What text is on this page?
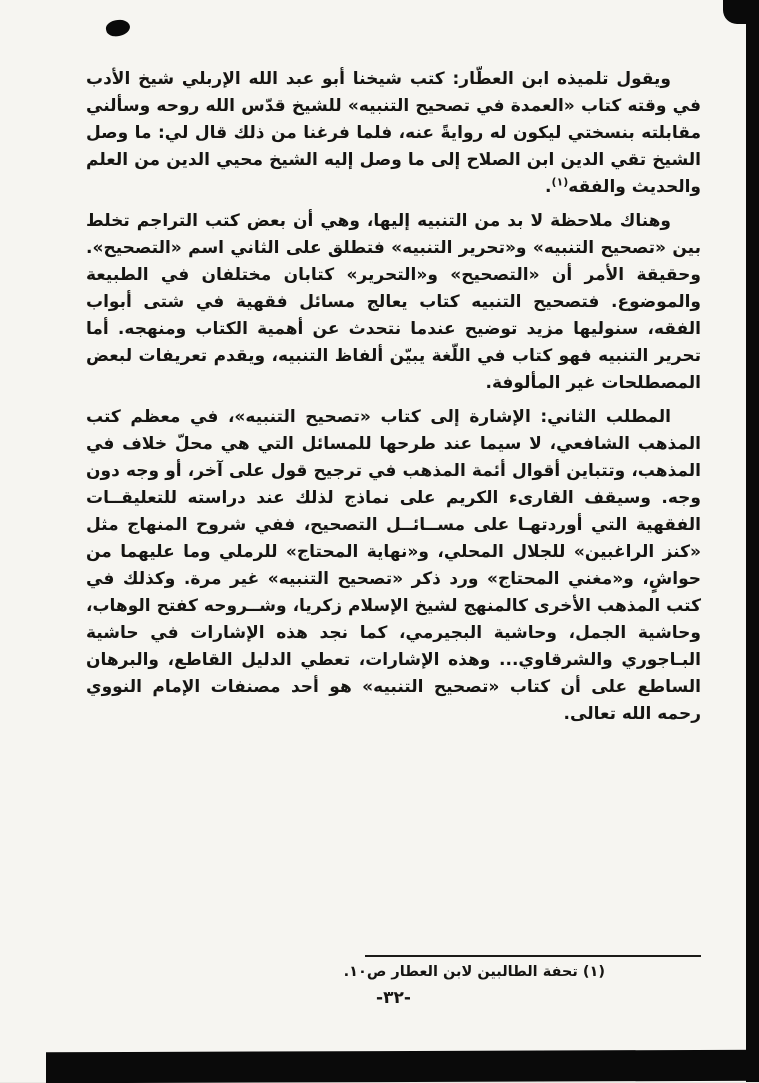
ويقول تلميذه ابن العطّار: كتب شيخنا أبو عبد الله الإربلي شيخ الأدب في وقته كتاب «العمدة في تصحيح التنبيه» للشيخ قدّس الله روحه وسألني مقابلته بنسختي ليكون له روايةً عنه، فلما فرغنا من ذلك قال لي: ما وصل الشيخ تقي الدين ابن الصلاح إلى ما وصل إليه الشيخ محيي الدين من العلم والحديث والفقه$^{(١)}$.

وهناك ملاحظة لا بد من التنبيه إليها، وهي أن بعض كتب التراجم تخلط بين «تصحيح التنبيه» و«تحرير التنبيه» فتطلق على الثاني اسم «التصحيح». وحقيقة الأمر أن «التصحيح» و«التحرير» كتابان مختلفان في الطبيعة والموضوع. فتصحيح التنبيه كتاب يعالج مسائل فقهية في شتى أبواب الفقه، سنوليها مزيد توضيح عندما نتحدث عن أهمية الكتاب ومنهجه. أما تحرير التنبيه فهو كتاب في اللّغة يبيّن ألفاظ التنبيه، ويقدم تعريفات لبعض المصطلحات غير المألوفة.

المطلب الثاني: الإشارة إلى كتاب «تصحيح التنبيه»، في معظم كتب المذهب الشافعي، لا سيما عند طرحها للمسائل التي هي محلّ خلاف في المذهب، وتتباين أقوال أئمة المذهب في ترجيح قول على آخر، أو وجه دون وجه. وسيقف القارىء الكريم على نماذج لذلك عند دراسته للتعليقــات الفقهية التي أوردتهـا على مســائــل التصحيح، ففي شروح المنهاج مثل «كنز الراغبين» للجلال المحلي، و«نهاية المحتاج» للرملي وما عليهما من حواشٍ، و«مغني المحتاج» ورد ذكر «تصحيح التنبيه» غير مرة. وكذلك في كتب المذهب الأخرى كالمنهج لشيخ الإسلام زكريا، وشــروحه كفتح الوهاب، وحاشية الجمل، وحاشية البجيرمي، كما نجد هذه الإشارات في حاشية البـاجوري والشرقاوي... وهذه الإشارات، تعطي الدليل القاطع، والبرهان الساطع على أن كتاب «تصحيح التنبيه» هو أحد مصنفات الإمام النووي رحمه الله تعالى.

(١) تحفة الطالبين لابن العطار ص١٠.
-٣٢-
